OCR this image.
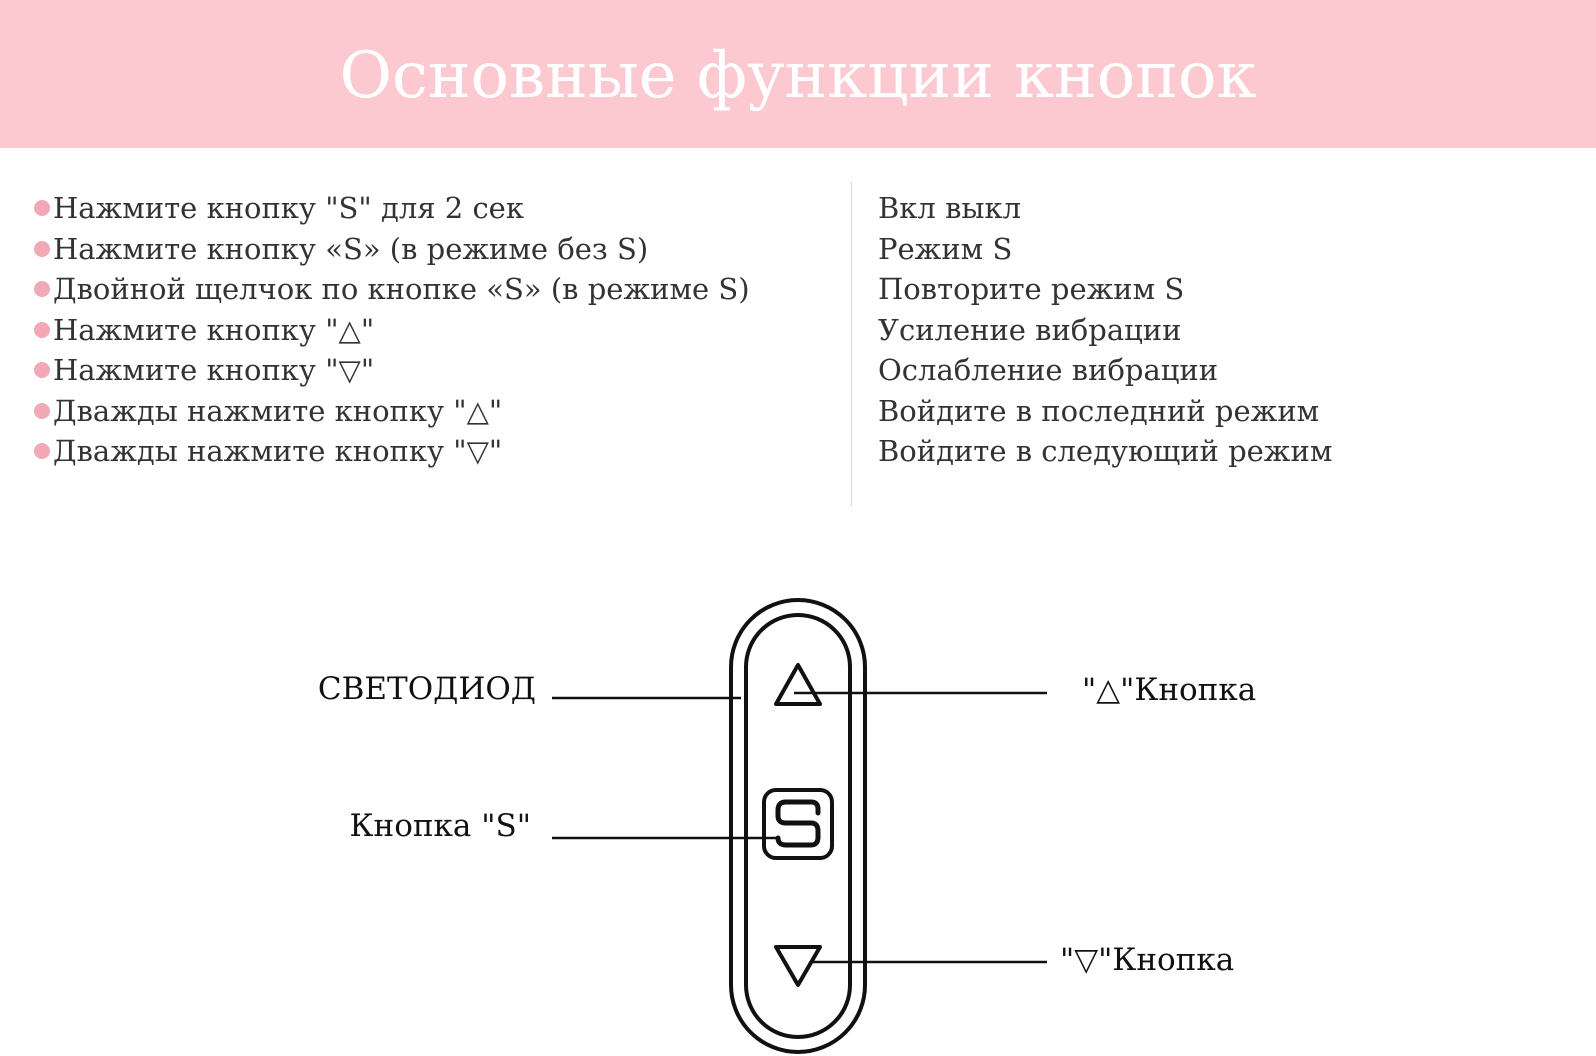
Основные функции кнопок
Нажмите кнопку "S" для 2 сек
Нажмите кнопку «S» (в режиме без S)
Двойной щелчок по кнопке «S» (в режиме S)
Нажмите кнопку "△"
Нажмите кнопку "▽"
Дважды нажмите кнопку "△"
Дважды нажмите кнопку "▽"
Вкл выкл
Режим S
Повторите режим S
Усиление вибрации
Ослабление вибрации
Войдите в последний режим
Войдите в следующий режим
СВЕТОДИОД
Кнопка "S"
"△"Кнопка
"▽"Кнопка
